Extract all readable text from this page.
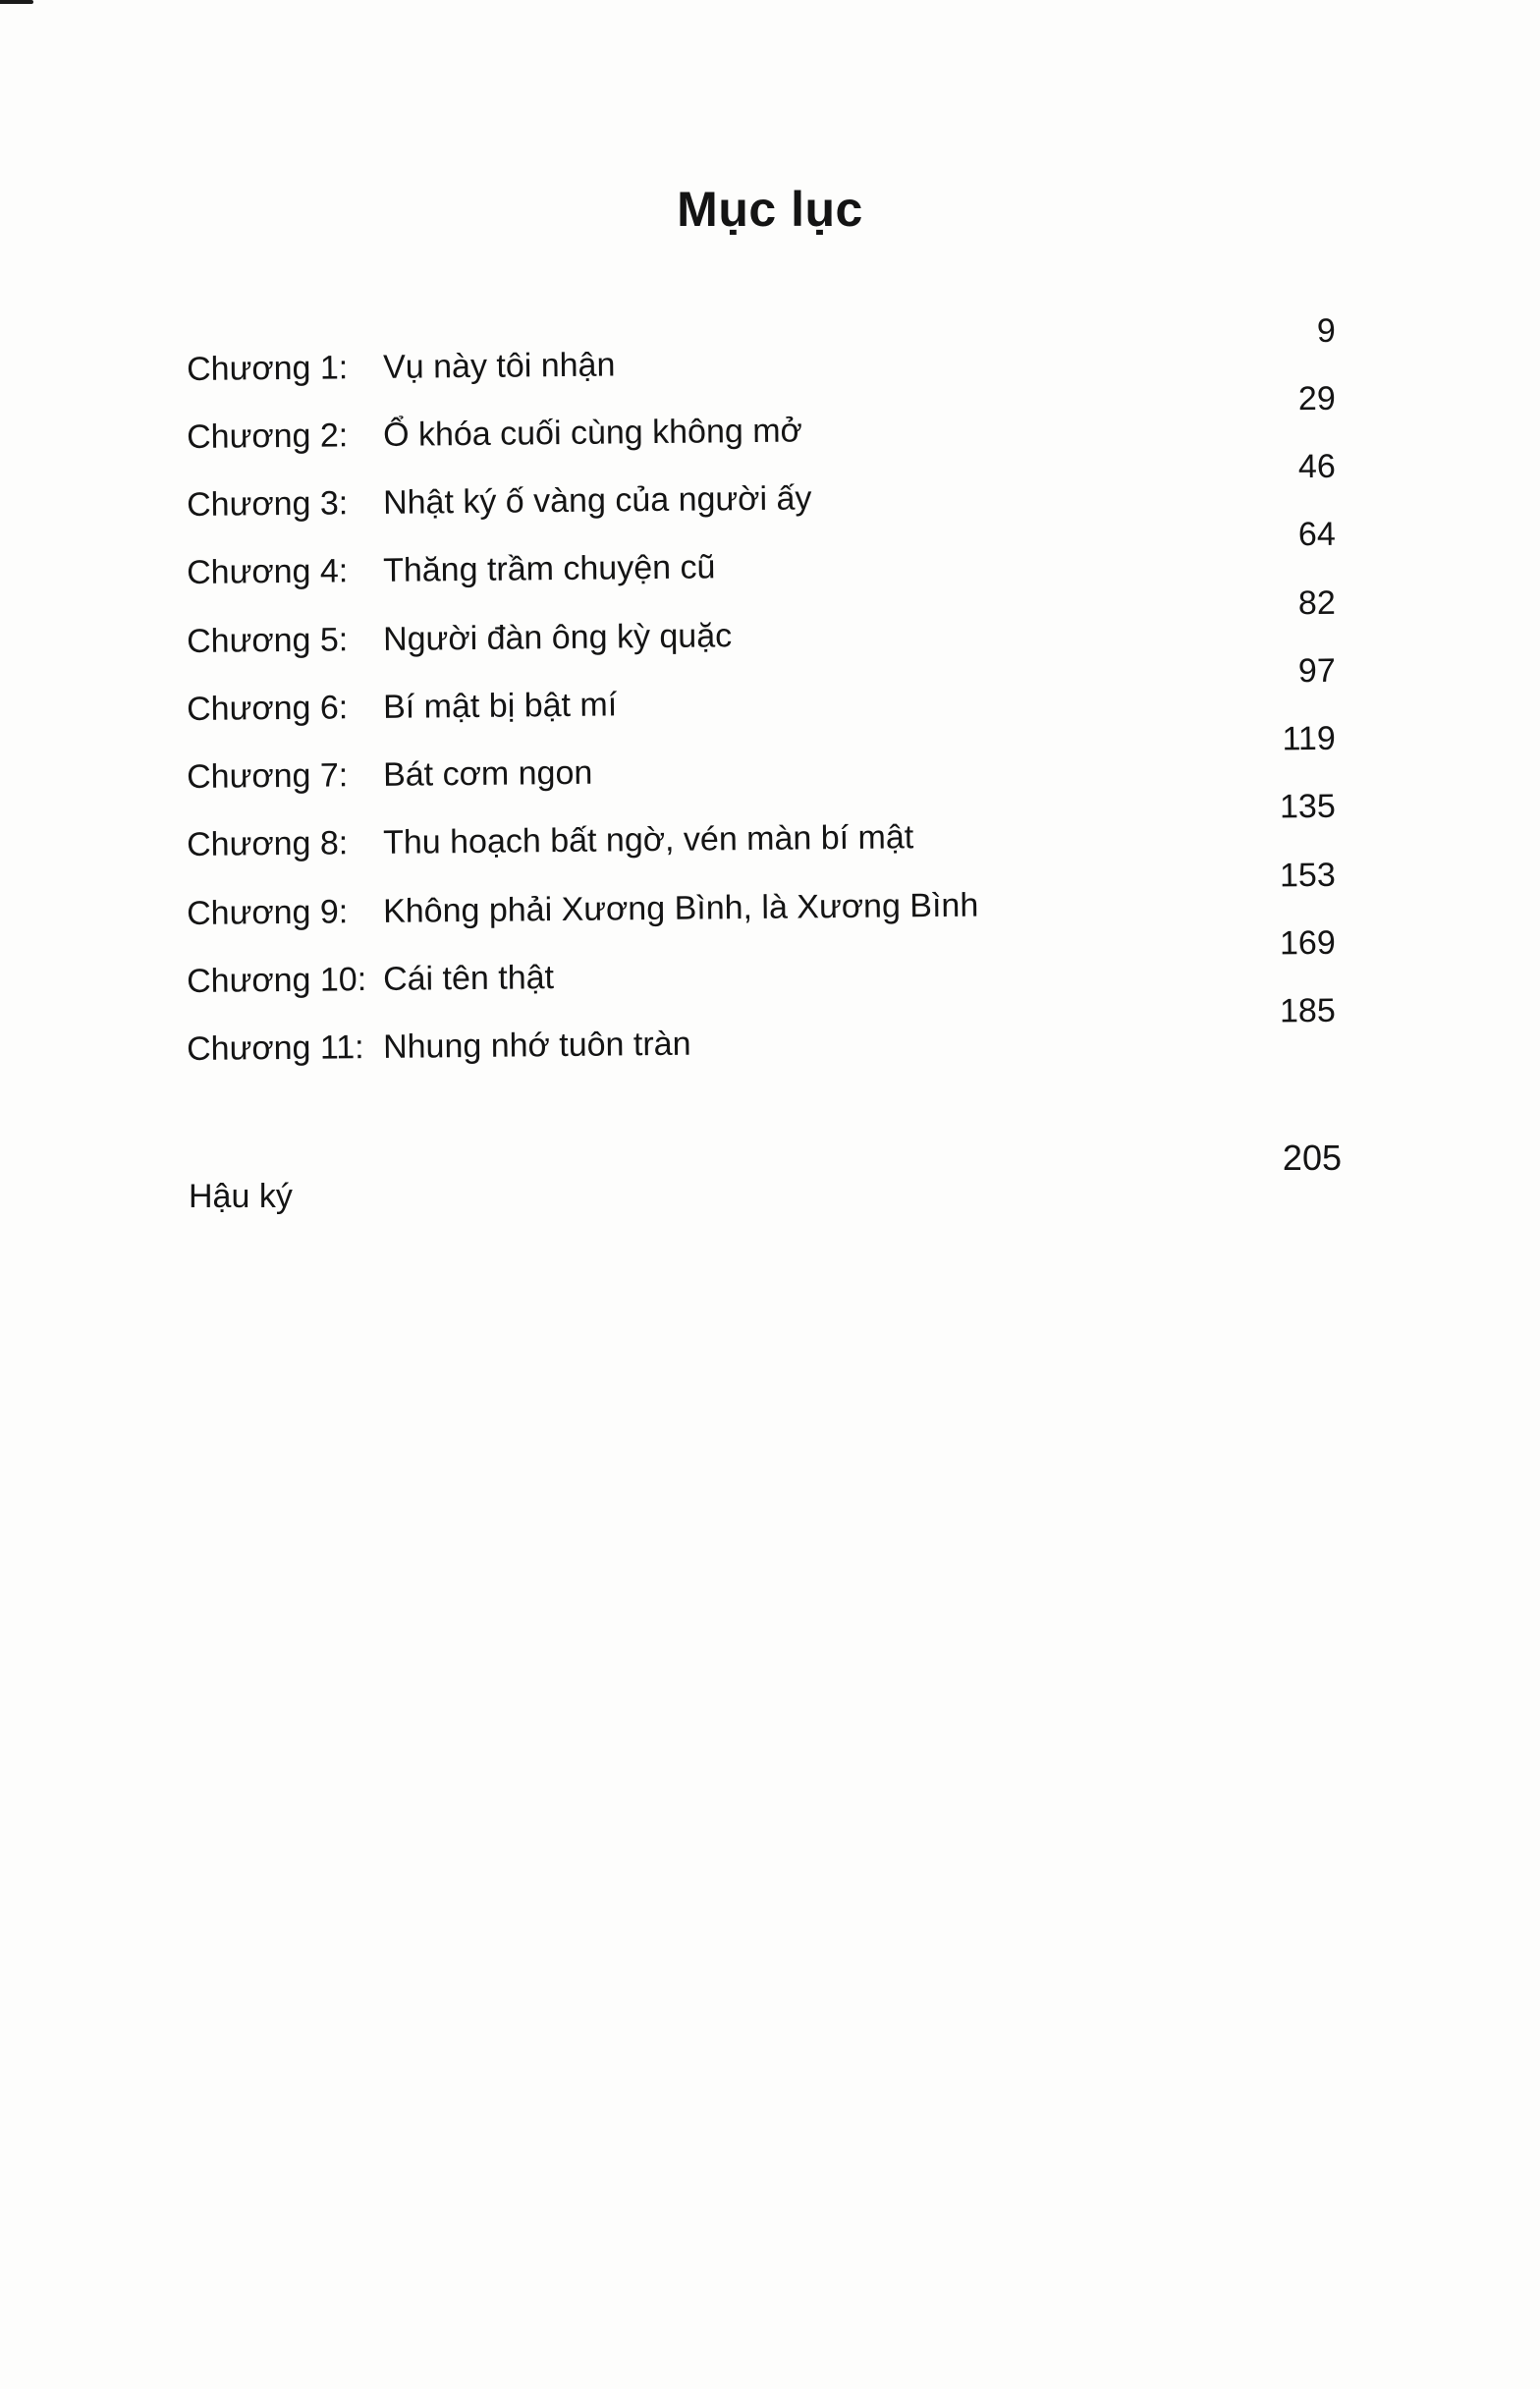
Mục lục
Chương 1: Vụ này tôi nhận
9
Chương 2: Ổ khóa cuối cùng không mở
29
Chương 3: Nhật ký ố vàng của người ấy
46
Chương 4: Thăng trầm chuyện cũ
64
Chương 5: Người đàn ông kỳ quặc
82
Chương 6: Bí mật bị bật mí
97
Chương 7: Bát cơm ngon
119
Chương 8: Thu hoạch bất ngờ, vén màn bí mật
135
Chương 9: Không phải Xương Bình, là Xương Bình
153
Chương 10: Cái tên thật
169
Chương 11: Nhung nhớ tuôn tràn
185
Hậu ký
205
